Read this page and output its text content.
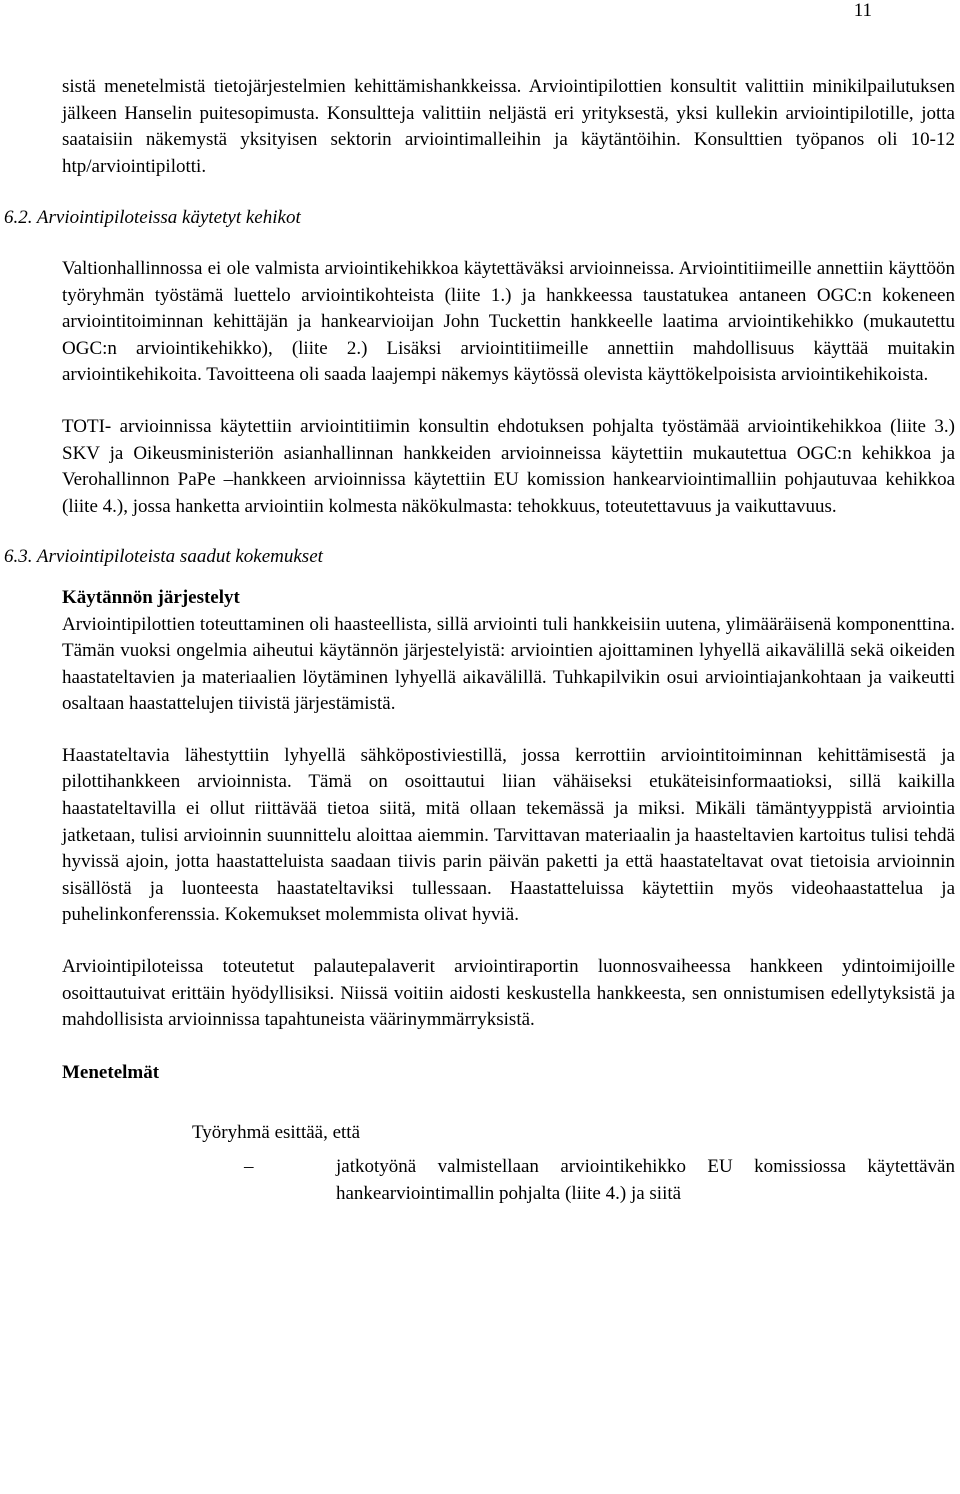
11

sistä menetelmistä tietojärjestelmien kehittämishankkeissa. Arviointipilottien konsultit valittiin minikilpailutuksen jälkeen Hanselin puitesopimusta. Konsultteja valittiin neljästä eri yrityksestä, yksi kullekin arviointipilotille, jotta saataisiin näkemystä yksityisen sektorin arviointimalleihin ja käytäntöihin. Konsulttien työpanos oli 10-12 htp/arviointipilotti.

6.2. Arviointipiloteissa käytetyt kehikot

Valtionhallinnossa ei ole valmista arviointikehikkoa käytettäväksi arvioinneissa. Arviointitiimeille annettiin käyttöön työryhmän työstämä luettelo arviointikohteista (liite 1.) ja hankkeessa taustatukea antaneen OGC:n kokeneen arviointitoiminnan kehittäjän ja hankearvioijan John Tuckettin hankkeelle laatima arviointikehikko (mukautettu OGC:n arviointikehikko), (liite 2.) Lisäksi arviointitiimeille annettiin mahdollisuus käyttää muitakin arviointikehikoita. Tavoitteena oli saada laajempi näkemys käytössä olevista käyttökelpoisista arviointikehikoista.

TOTI- arvioinnissa käytettiin arviointitiimin konsultin ehdotuksen pohjalta työstämää arviointikehikkoa (liite 3.) SKV ja Oikeusministeriön asianhallinnan hankkeiden arvioinneissa käytettiin mukautettua OGC:n kehikkoa ja Verohallinnon PaPe –hankkeen arvioinnissa käytettiin EU komission hankearviointimalliin pohjautuvaa kehikkoa (liite 4.), jossa hanketta arviointiin kolmesta näkökulmasta: tehokkuus, toteutettavuus ja vaikuttavuus.

6.3. Arviointipiloteista saadut kokemukset
Käytännön järjestelyt

Arviointipilottien toteuttaminen oli haasteellista, sillä arviointi tuli hankkeisiin uutena, ylimääräisenä komponenttina. Tämän vuoksi ongelmia aiheutui käytännön järjestelyistä: arviointien ajoittaminen lyhyellä aikavälillä sekä oikeiden haastateltavien ja materiaalien löytäminen lyhyellä aikavälillä. Tuhkapilvikin osui arviointiajankohtaan ja vaikeutti osaltaan haastattelujen tiivistä järjestämistä.

Haastateltavia lähestyttiin lyhyellä sähköpostiviestillä, jossa kerrottiin arviointitoiminnan kehittämisestä ja pilottihankkeen arvioinnista. Tämä on osoittautui liian vähäiseksi etukäteisinformaatioksi, sillä kaikilla haastateltavilla ei ollut riittävää tietoa siitä, mitä ollaan tekemässä ja miksi. Mikäli tämäntyyppistä arviointia jatketaan, tulisi arvioinnin suunnittelu aloittaa aiemmin. Tarvittavan materiaalin ja haasteltavien kartoitus tulisi tehdä hyvissä ajoin, jotta haastatteluista saadaan tiivis parin päivän paketti ja että haastateltavat ovat tietoisia arvioinnin sisällöstä ja luonteesta haastateltaviksi tullessaan. Haastatteluissa käytettiin myös videohaastattelua ja puhelinkonferenssia. Kokemukset molemmista olivat hyviä.

Arviointipiloteissa toteutetut palautepalaverit arviointiraportin luonnosvaiheessa hankkeen ydintoimijoille osoittautuivat erittäin hyödyllisiksi. Niissä voitiin aidosti keskustella hankkeesta, sen onnistumisen edellytyksistä ja mahdollisista arvioinnissa tapahtuneista väärinymmärryksistä.

Menetelmät
Työryhmä esittää, että
–	jatkotyönä valmistellaan arviointikehikko EU komissiossa käytettävän hankearviointimallin pohjalta (liite 4.) ja siitä
